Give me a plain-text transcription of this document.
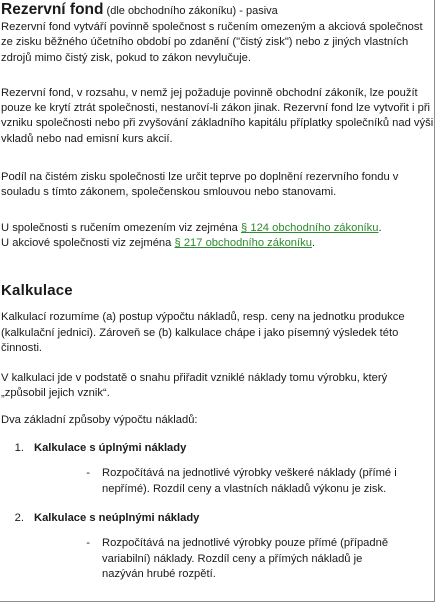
Rezervní fond (dle obchodního zákoníku) - pasiva

Rezervní fond vytváří povinně společnost s ručením omezeným a akciová společnost ze zisku běžného účetního období po zdanění ("čistý zisk") nebo z jiných vlastních zdrojů mimo čistý zisk, pokud to zákon nevylučuje.

Rezervní fond, v rozsahu, v nemž jej požaduje povinně obchodní zákoník, lze použít pouze ke krytí ztrát společnosti, nestanoví-li zákon jinak. Rezervní fond lze vytvořit i při vzniku společnosti nebo při zvyšování základního kapitálu příplatky společníků nad výši vkladů nebo nad emisní kurs akcií.

Podíl na čistém zisku společnosti lze určit teprve po doplnění rezervního fondu v souladu s tímto zákonem, společenskou smlouvou nebo stanovami.

U společnosti s ručením omezením viz zejména § 124 obchodního zákoníku.

U akciové společnosti viz zejména § 217 obchodního zákoníku.

Kalkulace

Kalkulací rozumíme (a) postup výpočtu nákladů, resp. ceny na jednotku produkce (kalkulační jednici). Zároveň se (b) kalkulace chápe i jako písemný výsledek této činnosti.

V kalkulaci jde v podstatě o snahu přiřadit vzniklé náklady tomu výrobku, který „způsobil jejich vznik“.

Dva základní způsoby výpočtu nákladů:

1. Kalkulace s úplnými náklady
-	Rozpočítává na jednotlivé výrobky veškeré náklady (přímé i nepřímé). Rozdíl ceny a vlastních nákladů výkonu je zisk.
2. Kalkulace s neúplnými náklady
-	Rozpočítává na jednotlivé výrobky pouze přímé (případně variabilní) náklady. Rozdíl ceny a přímých nákladů je nazýván hrubé rozpětí.
